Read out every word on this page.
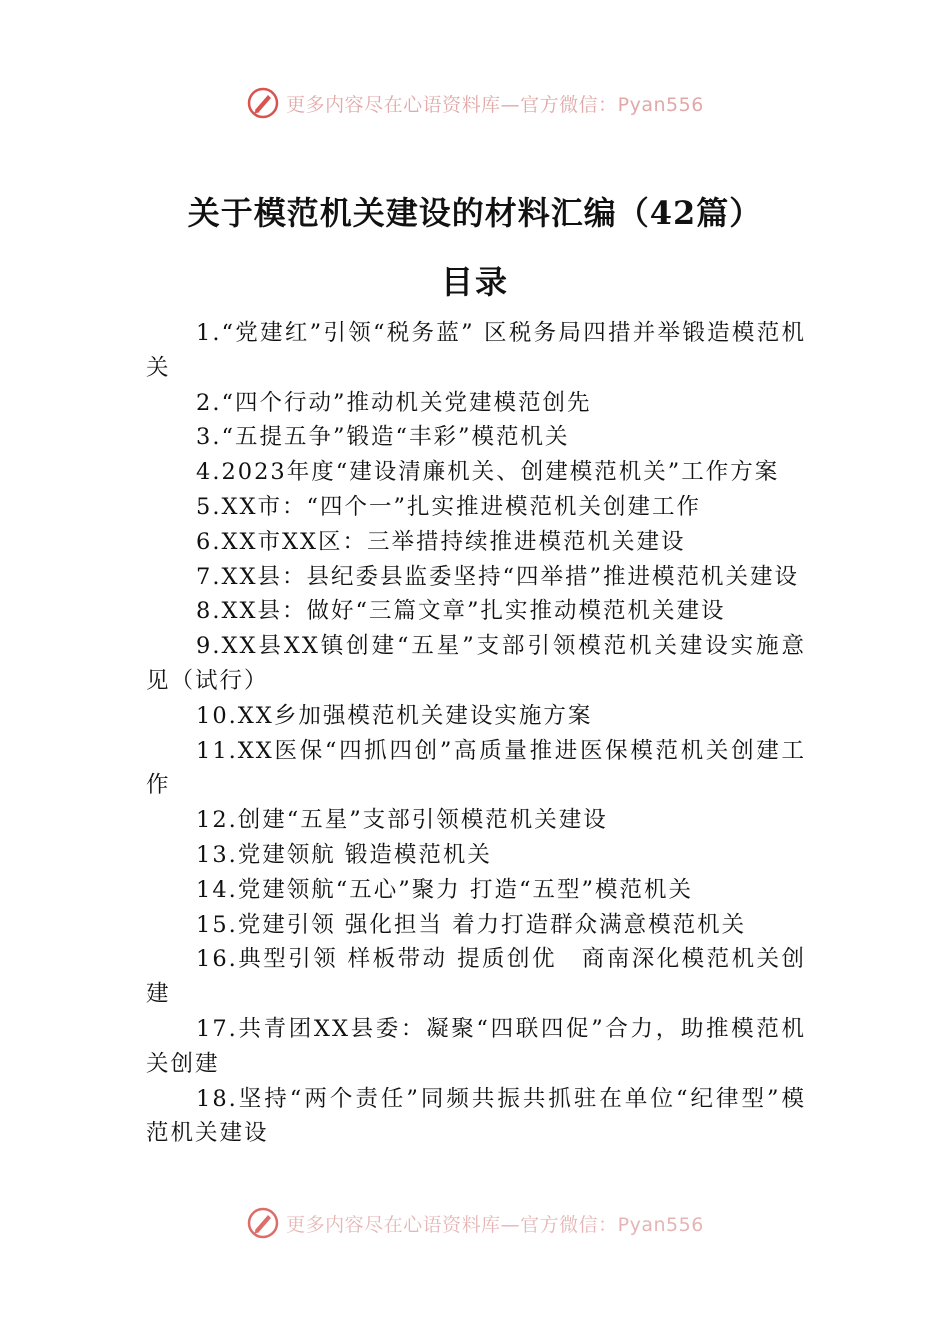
更多内容尽在心语资料库—官方微信：Pyan556
关于模范机关建设的材料汇编（42篇）
目录
1.“党建红”引领“税务蓝” 区税务局四措并举锻造模范机关
2.“四个行动”推动机关党建模范创先
3.“五提五争”锻造“丰彩”模范机关
4.2023年度“建设清廉机关、创建模范机关”工作方案
5.XX市：“四个一”扎实推进模范机关创建工作
6.XX市XX区：三举措持续推进模范机关建设
7.XX县：县纪委县监委坚持“四举措”推进模范机关建设
8.XX县：做好“三篇文章”扎实推动模范机关建设
9.XX县XX镇创建“五星”支部引领模范机关建设实施意见（试行）
10.XX乡加强模范机关建设实施方案
11.XX医保“四抓四创”高质量推进医保模范机关创建工作
12.创建“五星”支部引领模范机关建设
13.党建领航 锻造模范机关
14.党建领航“五心”聚力 打造“五型”模范机关
15.党建引领 强化担当 着力打造群众满意模范机关
16.典型引领 样板带动 提质创优　商南深化模范机关创建
17.共青团XX县委：凝聚“四联四促”合力，助推模范机关创建
18.坚持“两个责任”同频共振共抓驻在单位“纪律型”模范机关建设
更多内容尽在心语资料库—官方微信：Pyan556
